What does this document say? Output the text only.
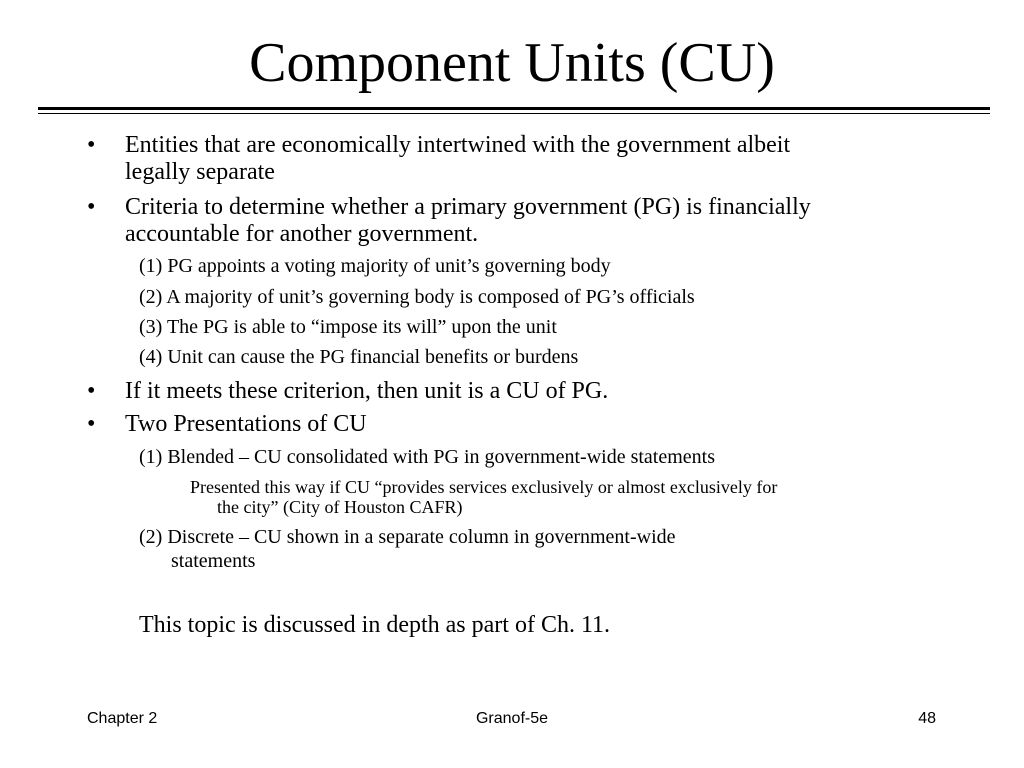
Component Units (CU)
• Entities that are economically intertwined with the government albeit
legally separate
• Criteria to determine whether a primary government (PG) is financially
accountable for another government.
(1) PG appoints a voting majority of unit’s governing body
(2) A majority of unit’s governing body is composed of PG’s officials
(3) The PG is able to “impose its will” upon the unit
(4) Unit can cause the PG financial benefits or burdens
• If it meets these criterion, then unit is a CU of PG.
• Two Presentations of CU
(1) Blended – CU consolidated with PG in government-wide statements
Presented this way if CU “provides services exclusively or almost exclusively for
the city” (City of Houston CAFR)
(2) Discrete – CU shown in a separate column in government-wide
statements
This topic is discussed in depth as part of Ch. 11.
Chapter 2	Granof-5e	48
